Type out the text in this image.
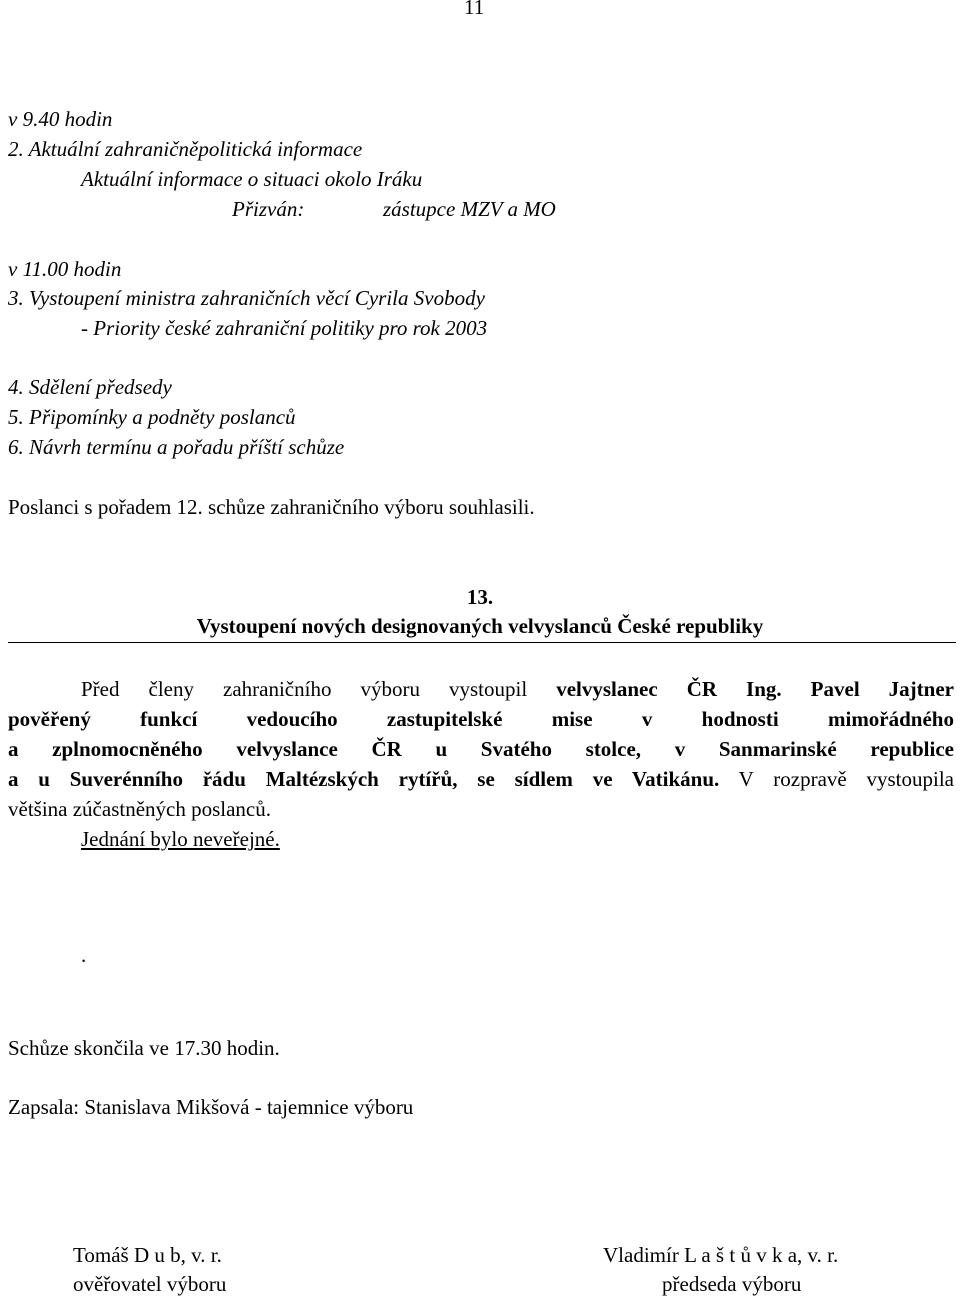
11
v 9.40 hodin
2. Aktuální zahraničněpolitická informace
Aktuální informace o situaci okolo Iráku
Přizván:	zástupce MZV a MO
v 11.00 hodin
3. Vystoupení ministra zahraničních věcí Cyrila Svobody
- Priority české zahraniční politiky pro rok 2003
4. Sdělení předsedy
5. Připomínky a podněty poslanců
6. Návrh termínu a pořadu příští schůze
Poslanci s pořadem 12. schůze zahraničního výboru souhlasili.
13.
Vystoupení nových designovaných velvyslanců České republiky
Před členy zahraničního výboru vystoupil velvyslanec ČR Ing. Pavel Jajtner
pověřený funkcí vedoucího zastupitelské mise v hodnosti mimořádného
a zplnomocněného velvyslance ČR u Svatého stolce, v Sanmarinské republice
a u Suverénního řádu Maltézských rytířů, se sídlem ve Vatikánu. V rozpravě vystoupila
většina zúčastněných poslanců.
Jednání bylo neveřejné.
.
Schůze skončila ve 17.30 hodin.
Zapsala: Stanislava Mikšová - tajemnice výboru
Tomáš D u b, v. r.
ověřovatel výboru
Vladimír L a š t ů v k a, v. r.
předseda výboru
